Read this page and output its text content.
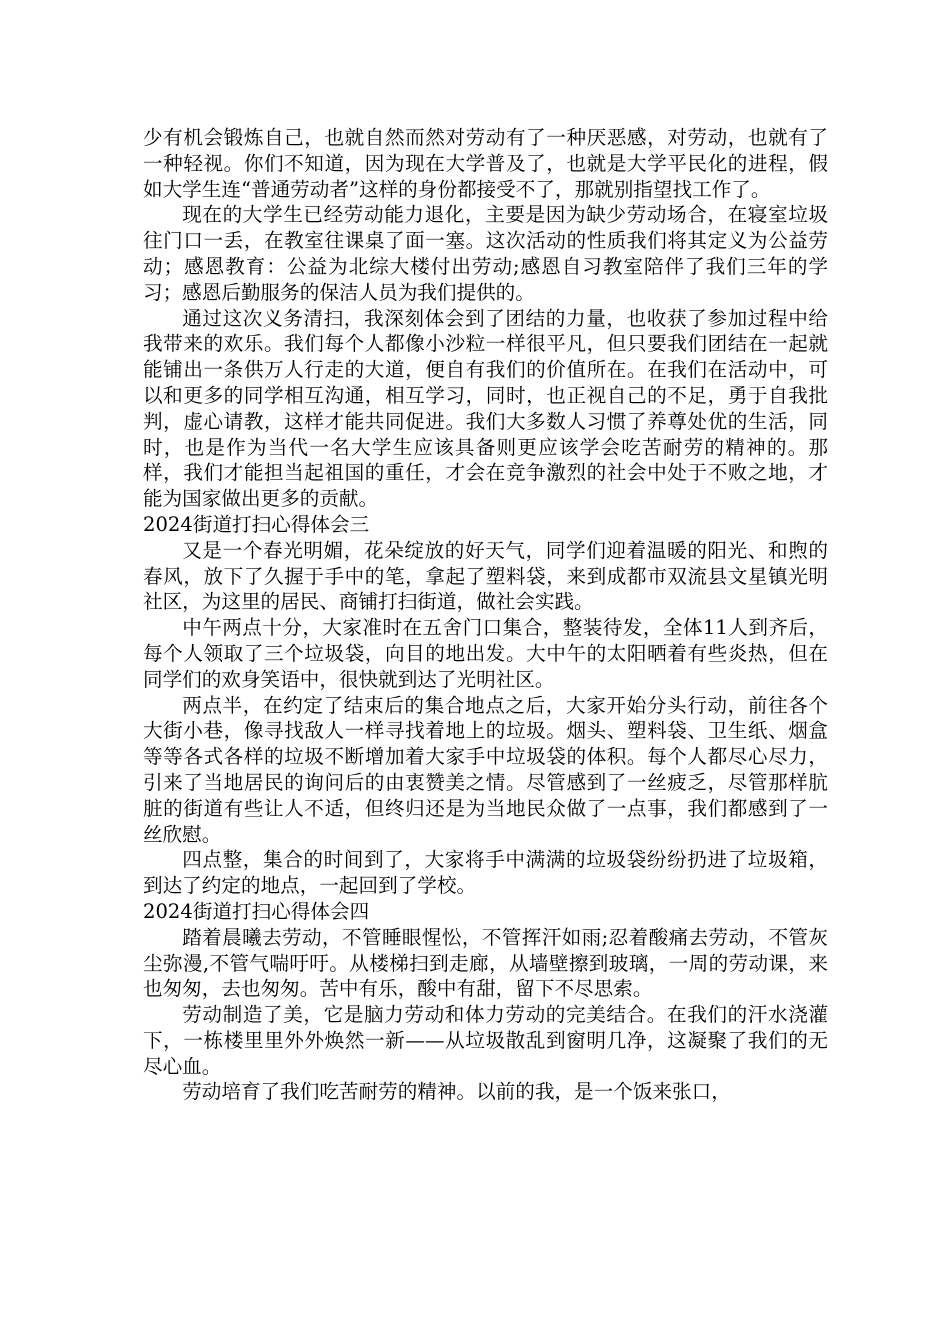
少有机会锻炼自己，也就自然而然对劳动有了一种厌恶感，对劳动，也就有了一种轻视。你们不知道，因为现在大学普及了，也就是大学平民化的进程，假如大学生连“普通劳动者”这样的身份都接受不了，那就别指望找工作了。

现在的大学生已经劳动能力退化，主要是因为缺少劳动场合，在寝室垃圾往门口一丢，在教室往课桌了面一塞。这次活动的性质我们将其定义为公益劳动；感恩教育：公益为北综大楼付出劳动;感恩自习教室陪伴了我们三年的学习；感恩后勤服务的保洁人员为我们提供的。

通过这次义务清扫，我深刻体会到了团结的力量，也收获了参加过程中给我带来的欢乐。我们每个人都像小沙粒一样很平凡，但只要我们团结在一起就能铺出一条供万人行走的大道，便自有我们的价值所在。在我们在活动中，可以和更多的同学相互沟通，相互学习，同时，也正视自己的不足，勇于自我批判，虚心请教，这样才能共同促进。我们大多数人习惯了养尊处优的生活，同时，也是作为当代一名大学生应该具备则更应该学会吃苦耐劳的精神的。那样，我们才能担当起祖国的重任，才会在竞争激烈的社会中处于不败之地，才能为国家做出更多的贡献。

2024街道打扫心得体会三

又是一个春光明媚，花朵绽放的好天气，同学们迎着温暖的阳光、和煦的春风，放下了久握于手中的笔，拿起了塑料袋，来到成都市双流县文星镇光明社区，为这里的居民、商铺打扫街道，做社会实践。

中午两点十分，大家准时在五舍门口集合，整装待发，全体11人到齐后，每个人领取了三个垃圾袋，向目的地出发。大中午的太阳晒着有些炎热，但在同学们的欢身笑语中，很快就到达了光明社区。

两点半，在约定了结束后的集合地点之后，大家开始分头行动，前往各个大街小巷，像寻找敌人一样寻找着地上的垃圾。烟头、塑料袋、卫生纸、烟盒等等各式各样的垃圾不断增加着大家手中垃圾袋的体积。每个人都尽心尽力，引来了当地居民的询问后的由衷赞美之情。尽管感到了一丝疲乏，尽管那样肮脏的街道有些让人不适，但终归还是为当地民众做了一点事，我们都感到了一丝欣慰。

四点整，集合的时间到了，大家将手中满满的垃圾袋纷纷扔进了垃圾箱，到达了约定的地点，一起回到了学校。

2024街道打扫心得体会四

踏着晨曦去劳动，不管睡眼惺忪，不管挥汗如雨;忍着酸痛去劳动，不管灰尘弥漫,不管气喘吁吁。从楼梯扫到走廊，从墙壁擦到玻璃，一周的劳动课，来也匆匆，去也匆匆。苦中有乐，酸中有甜，留下不尽思索。

劳动制造了美，它是脑力劳动和体力劳动的完美结合。在我们的汗水浇灌下，一栋楼里里外外焕然一新——从垃圾散乱到窗明几净，这凝聚了我们的无尽心血。

劳动培育了我们吃苦耐劳的精神。以前的我，是一个饭来张口，
